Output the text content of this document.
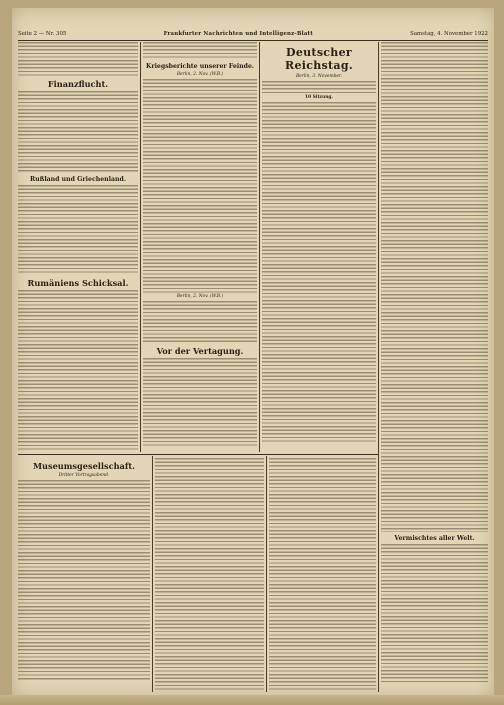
Seite 2 — Nr. 305	Frankfurter Nachrichten und Intelligenz-Blatt	Samstag, 4. November 1922
Finanzflucht.
Rußland und Griechenland.
Rumäniens Schicksal.
Kriegsberichte unserer Feinde.
Berlin, 2. Nov. (W.B.)
Berlin, 2. Nov. (W.B.)
Vor der Vertagung.
Deutscher Reichstag.
Berlin, 3. November.
10 Sitzung.
Vermischtes aller Welt.
Museumsgesellschaft.
Dritter Vortragsabend.
